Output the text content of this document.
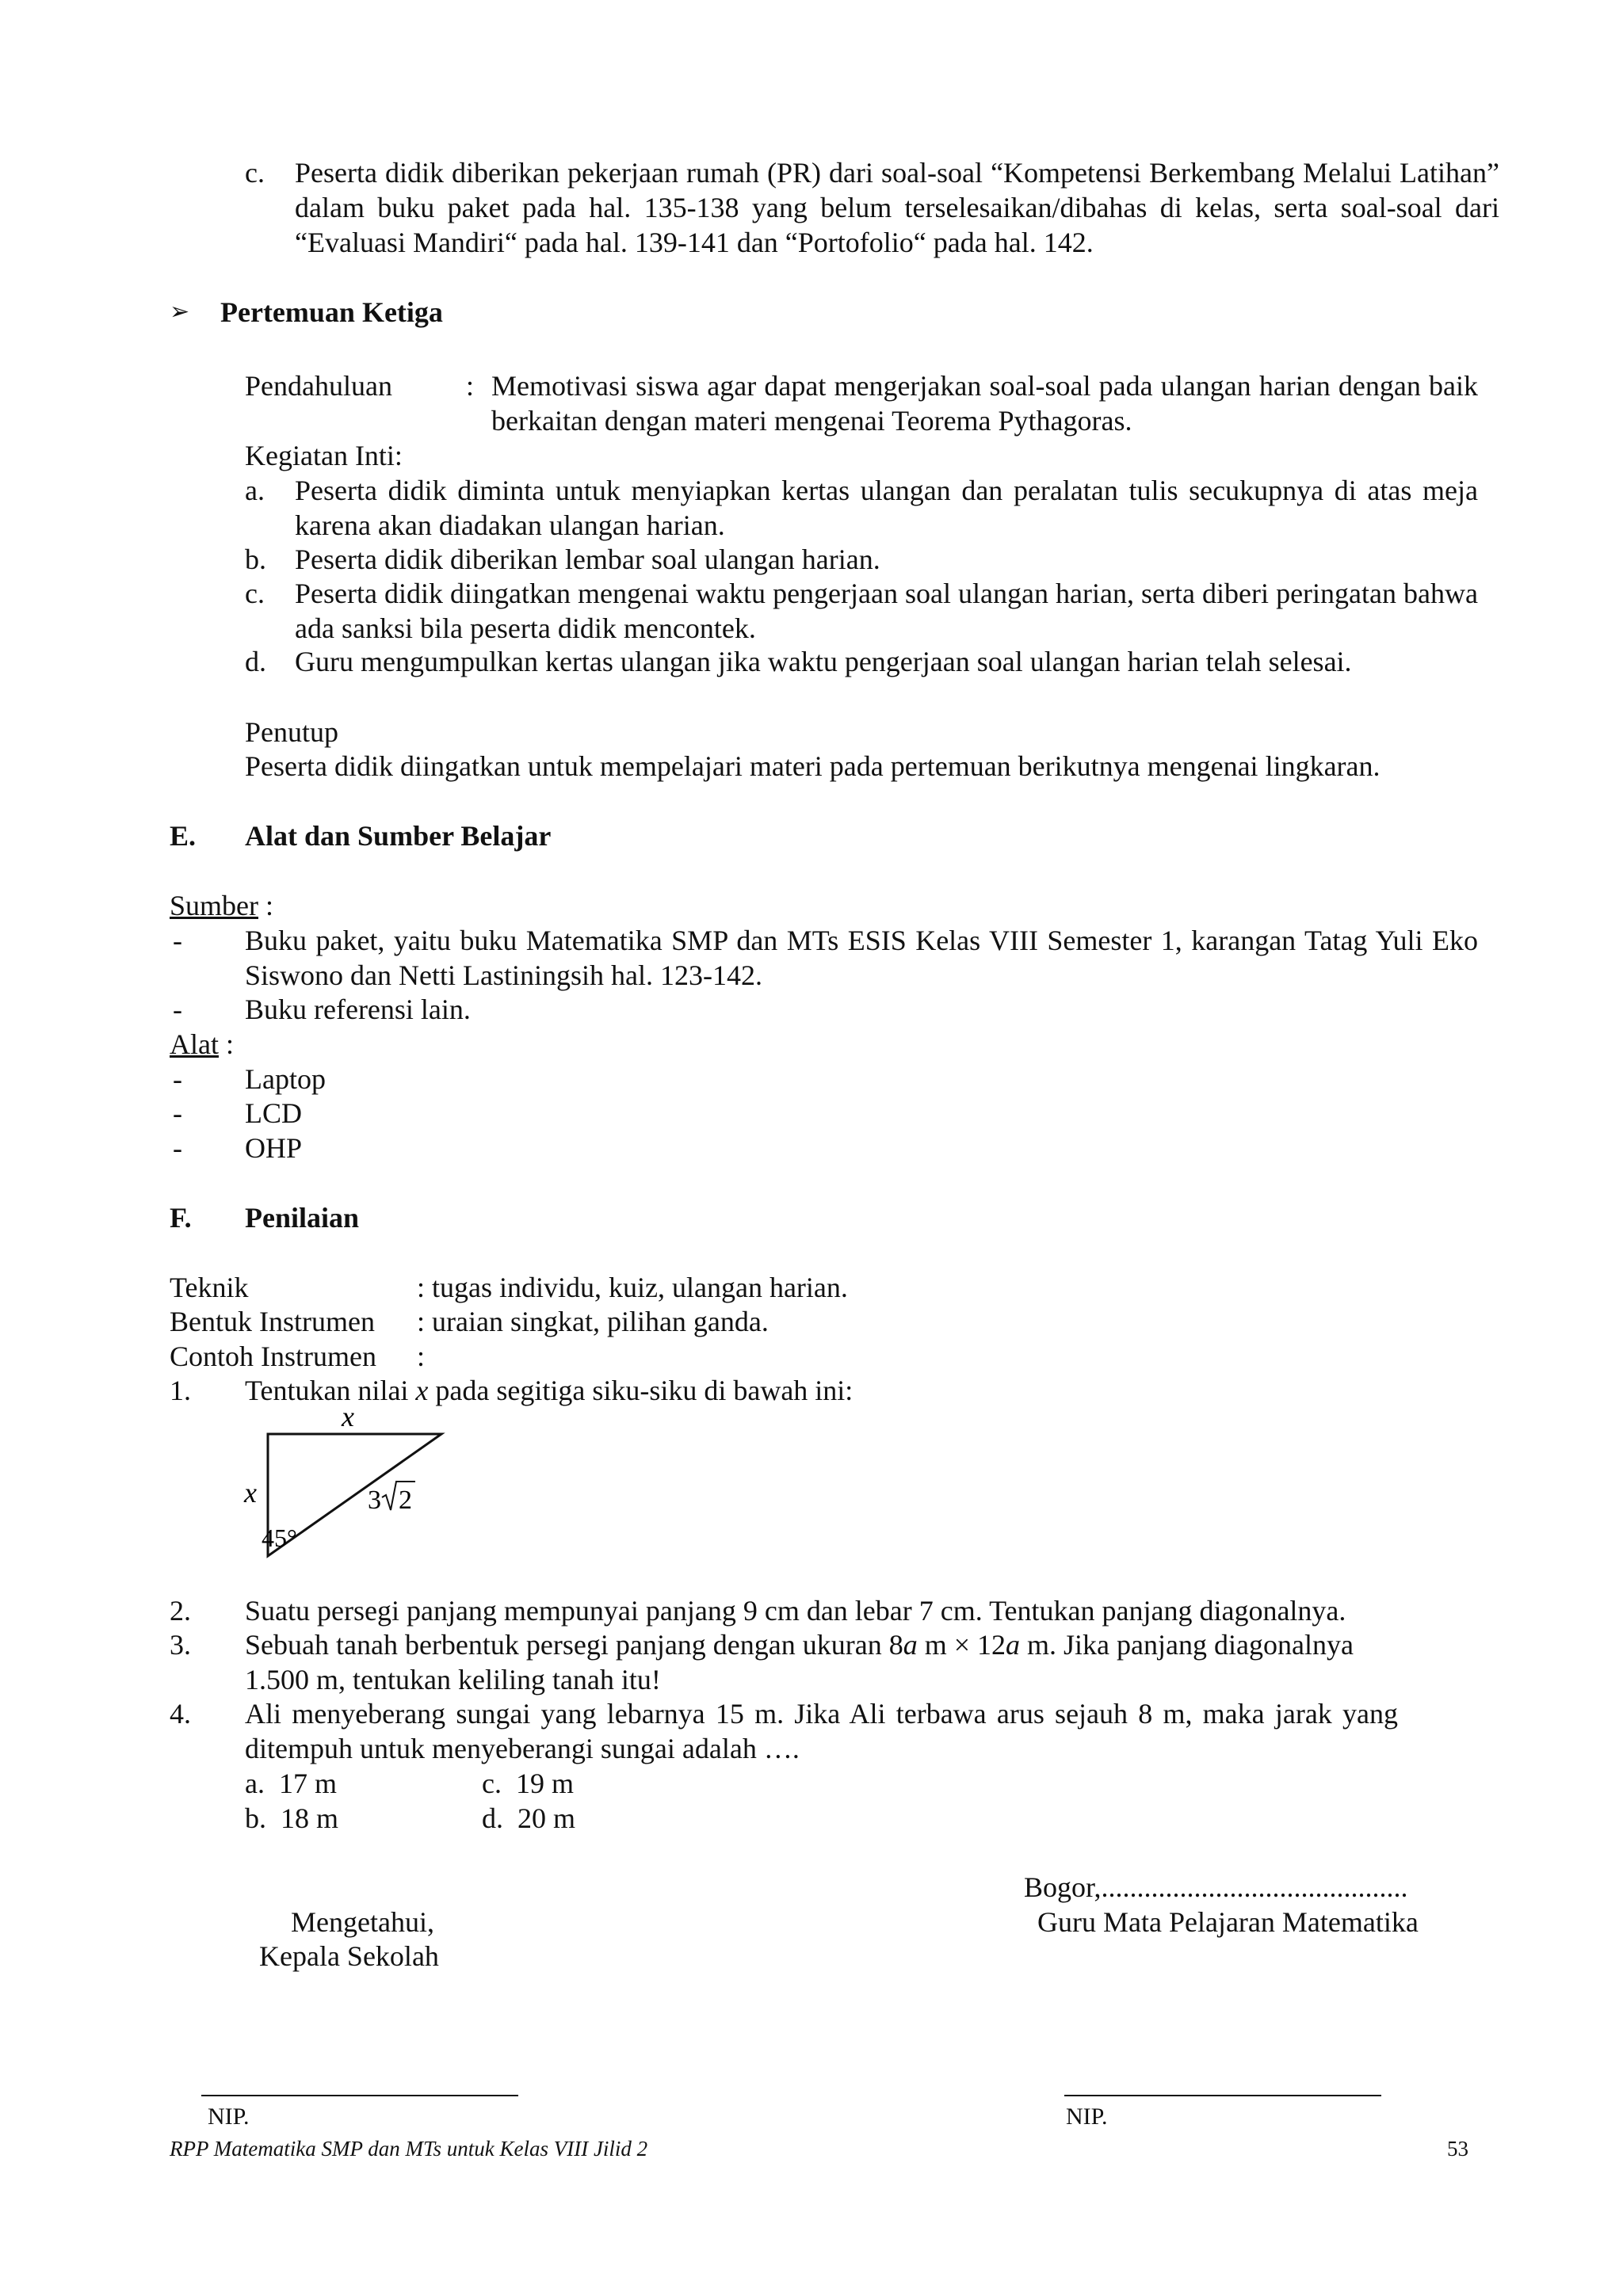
c. Peserta didik diberikan pekerjaan rumah (PR) dari soal-soal “Kompetensi Berkembang Melalui Latihan” dalam buku paket pada hal. 135-138 yang belum terselesaikan/dibahas di kelas, serta soal-soal dari “Evaluasi Mandiri“ pada hal. 139-141 dan “Portofolio“ pada hal. 142.
➢ Pertemuan Ketiga
Pendahuluan	: Memotivasi siswa agar dapat mengerjakan soal-soal pada ulangan harian dengan baik berkaitan dengan materi mengenai Teorema Pythagoras.
Kegiatan Inti:
a. Peserta didik diminta untuk menyiapkan kertas ulangan dan peralatan tulis secukupnya di atas meja karena akan diadakan ulangan harian.
b. Peserta didik diberikan lembar soal ulangan harian.
c. Peserta didik diingatkan mengenai waktu pengerjaan soal ulangan harian, serta diberi peringatan bahwa ada sanksi bila peserta didik mencontek.
d. Guru mengumpulkan kertas ulangan jika waktu pengerjaan soal ulangan harian telah selesai.
Penutup
Peserta didik diingatkan untuk mempelajari materi pada pertemuan berikutnya mengenai lingkaran.
E. Alat dan Sumber Belajar
Sumber :
- Buku paket, yaitu buku Matematika SMP dan MTs ESIS Kelas VIII Semester 1, karangan Tatag Yuli Eko Siswono dan Netti Lastiningsih hal. 123-142.
- Buku referensi lain.
Alat :
- Laptop
- LCD
- OHP
F. Penilaian
Teknik	: tugas individu, kuiz, ulangan harian.
Bentuk Instrumen : uraian singkat, pilihan ganda.
Contoh Instrumen :
1. Tentukan nilai x pada segitiga siku-siku di bawah ini:
x
x	3 2
45°
2. Suatu persegi panjang mempunyai panjang 9 cm dan lebar 7 cm. Tentukan panjang diagonalnya.
3. Sebuah tanah berbentuk persegi panjang dengan ukuran 8a m × 12a m. Jika panjang diagonalnya
1.500 m, tentukan keliling tanah itu!
4. Ali menyeberang sungai yang lebarnya 15 m. Jika Ali terbawa arus sejauh 8 m, maka jarak yang ditempuh untuk menyeberangi sungai adalah ….
a. 17 m	c. 19 m
b. 18 m	d. 20 m
Bogor,...........................................
Mengetahui,	Guru Mata Pelajaran Matematika
Kepala Sekolah
NIP.	NIP.
RPP Matematika SMP dan MTs untuk Kelas VIII Jilid 2	53
